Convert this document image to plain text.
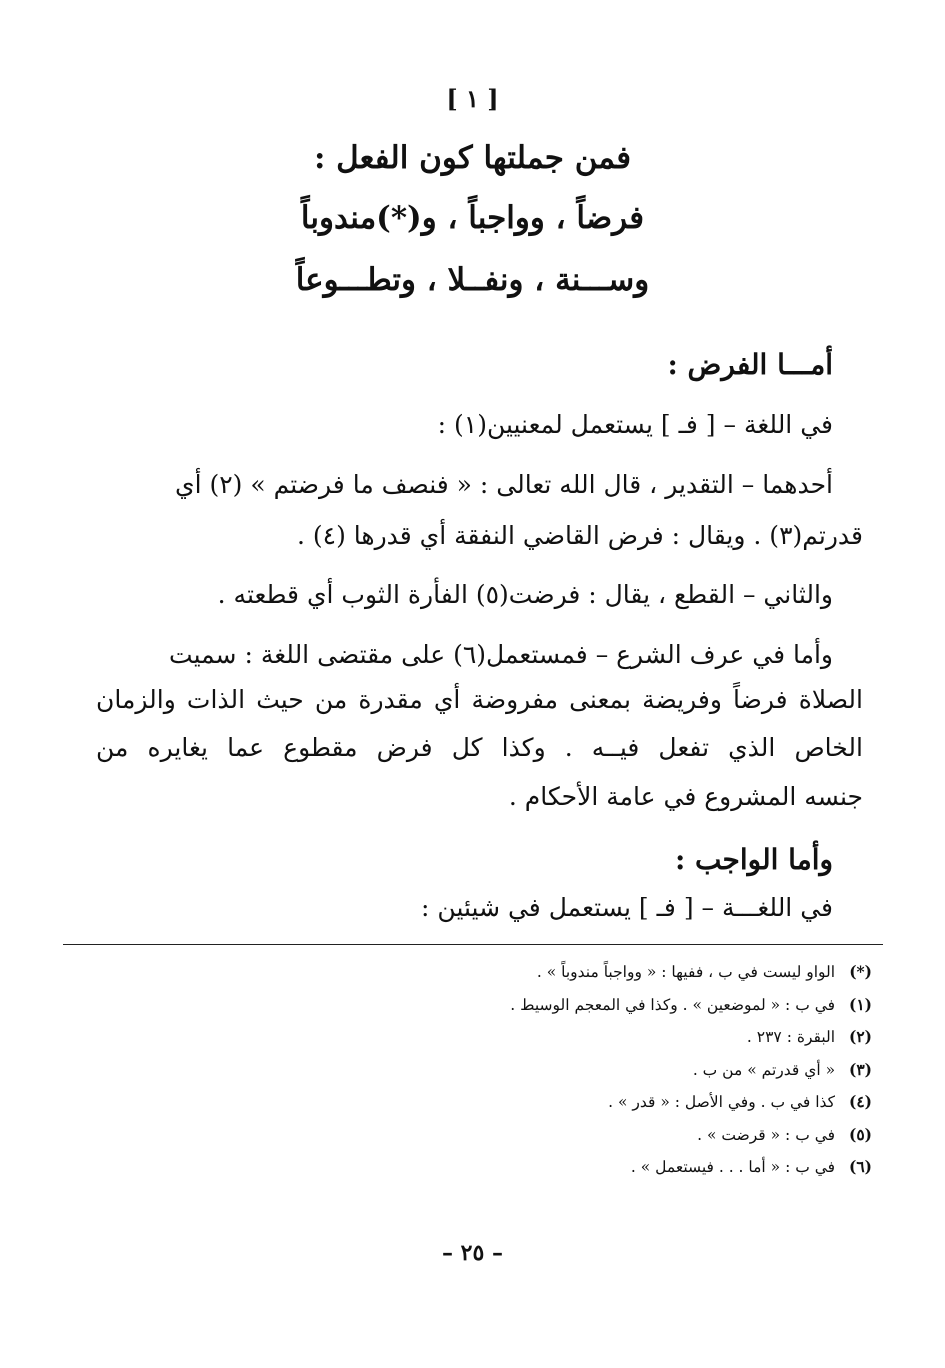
[ ١ ]
فمن جملتها كون الفعل :
فرضاً ، وواجباً ، و(*)مندوباً
وســـنة ، ونفــلا ، وتطـــوعاً
أمـــا الفرض :
في اللغة – [ فـ ] يستعمل لمعنيين(١) :
أحدهما – التقدير ، قال الله تعالى : « فنصف ما فرضتم » (٢) أي
قدرتم(٣) . ويقال : فرض القاضي النفقة أي قدرها (٤) .
والثاني – القطع ، يقال : فرضت(٥) الفأرة الثوب أي قطعته .
وأما في عرف الشرع – فمستعمل(٦) على مقتضى اللغة : سميت
الصلاة فرضاً وفريضة بمعنى مفروضة أي مقدرة من حيث الذات والزمان
الخاص الذي تفعل فيــه . وكذا كل فرض مقطوع عما يغايره من
جنسه المشروع في عامة الأحكام .
وأما الواجب :
في اللغـــة – [ فـ ] يستعمل في شيئين :
(*) الواو ليست في ب ، ففيها : « وواجباً مندوباً » .
(١) في ب : « لموضعين » . وكذا في المعجم الوسيط .
(٢) البقرة : ٢٣٧ .
(٣) « أي قدرتم » من ب .
(٤) كذا في ب . وفي الأصل : « قدر » .
(٥) في ب : « قرضت » .
(٦) في ب : « أما . . . فيستعمل » .
– ٢٥ –
